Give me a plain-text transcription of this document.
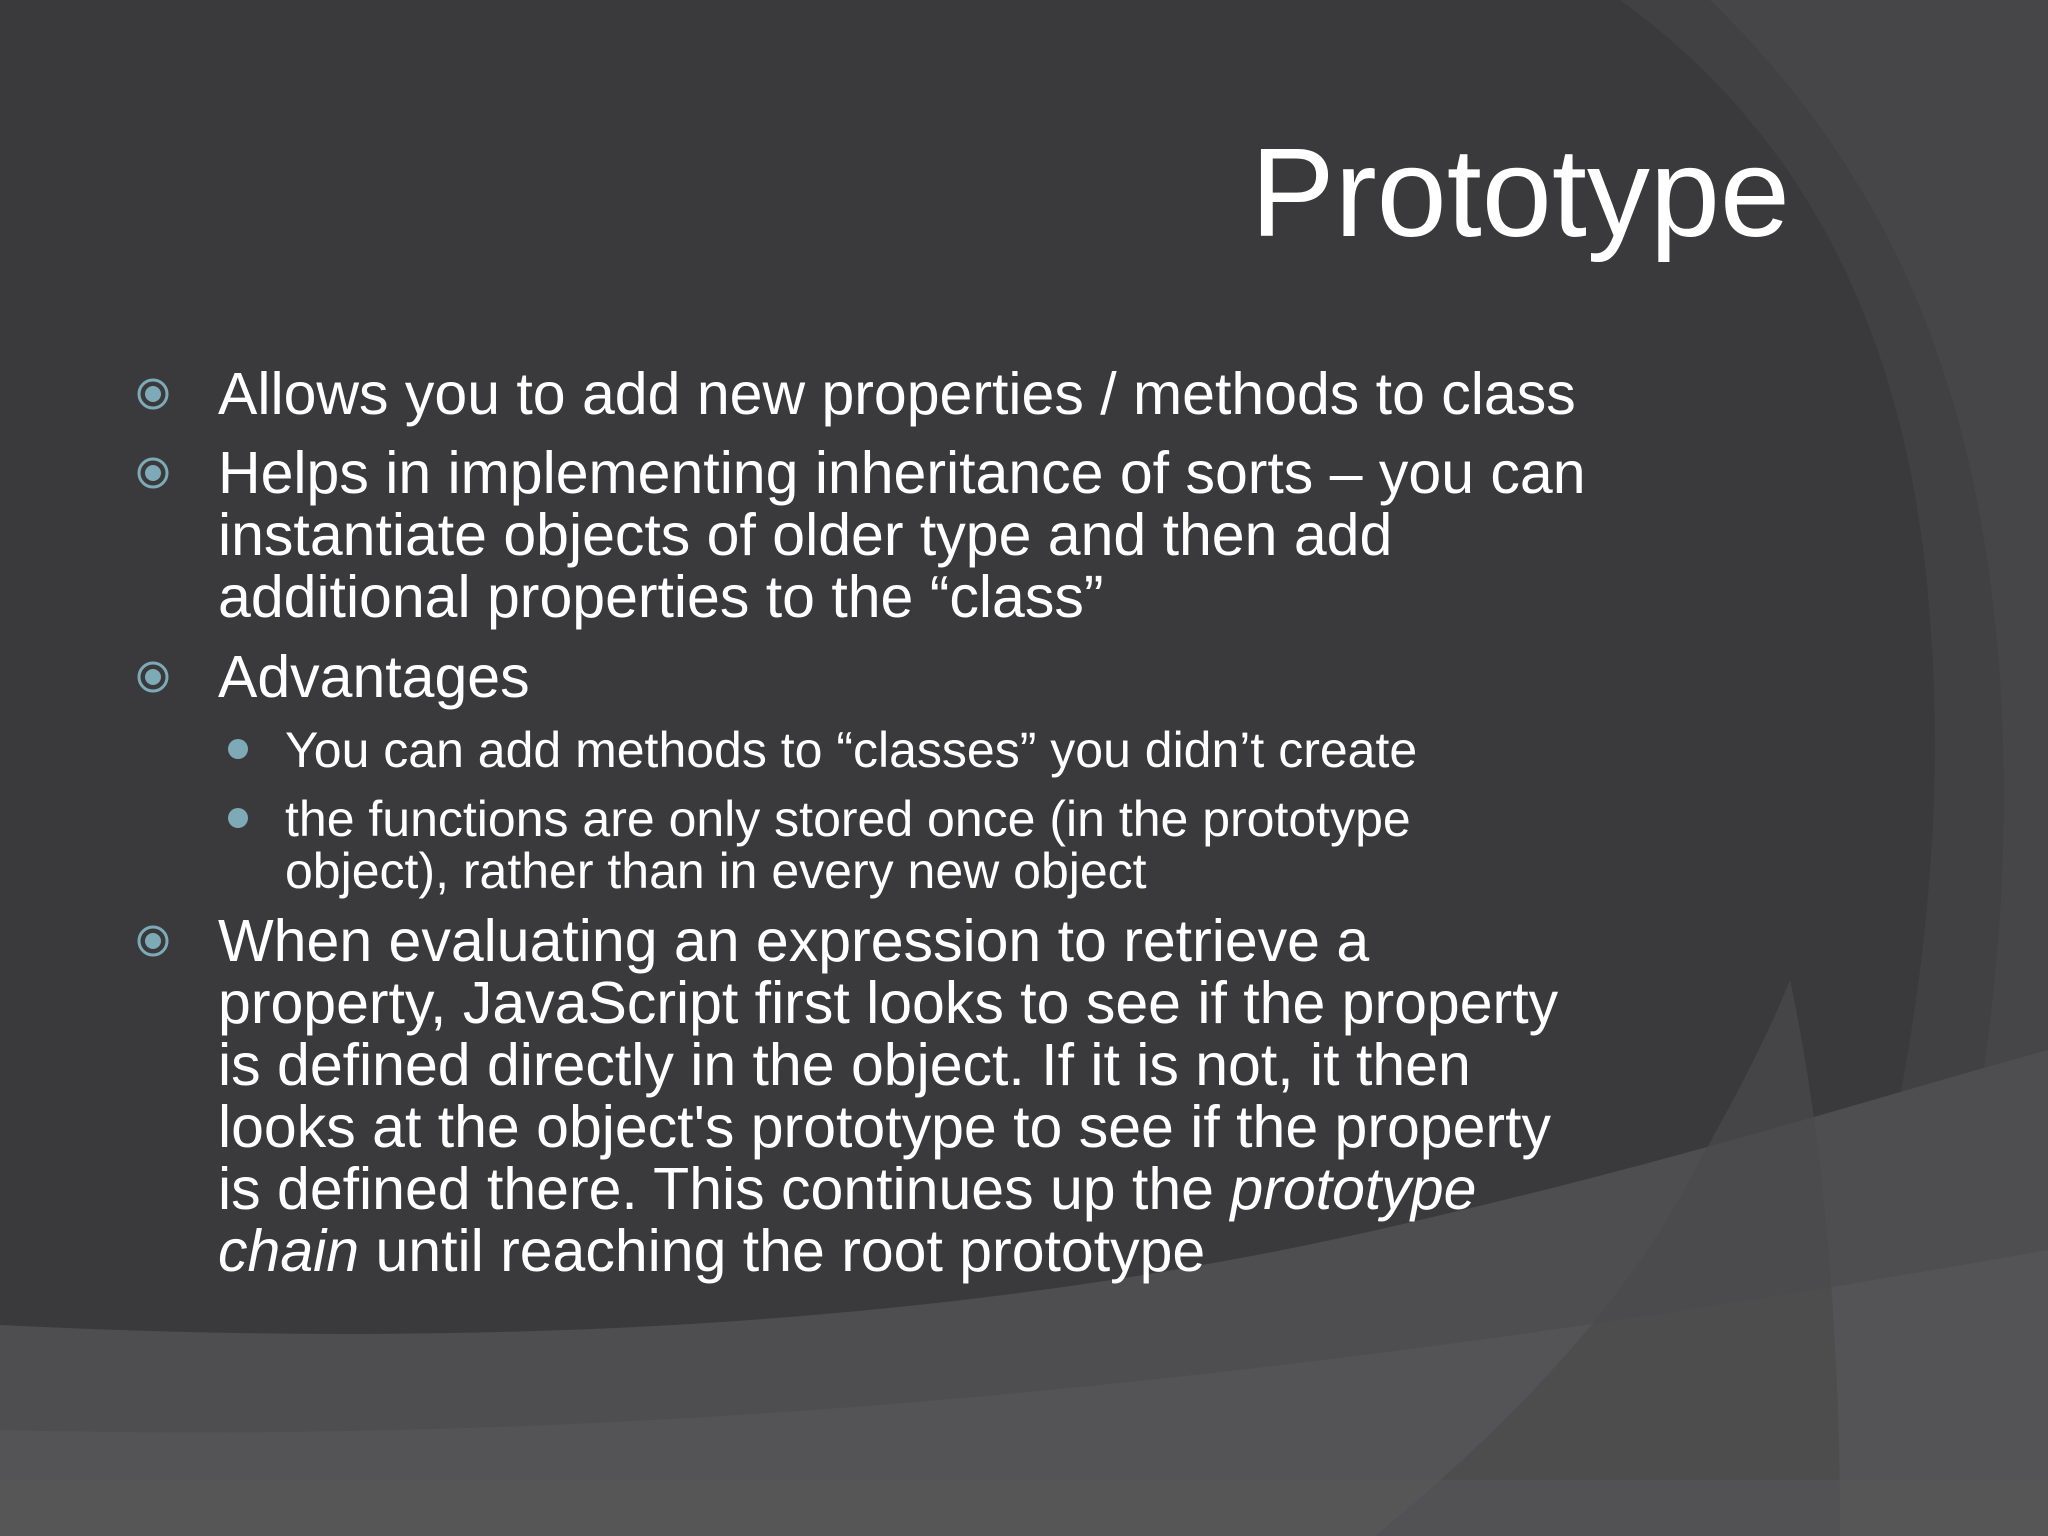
Prototype
Allows you to add new properties / methods to class
Helps in implementing inheritance of sorts – you can
instantiate objects of older type and then add
additional properties to the “class”
Advantages
You can add methods to “classes” you didn’t create
the functions are only stored once (in the prototype
object), rather than in every new object
When evaluating an expression to retrieve a
property, JavaScript first looks to see if the property
is defined directly in the object. If it is not, it then
looks at the object's prototype to see if the property
is defined there. This continues up the prototype
chain until reaching the root prototype
